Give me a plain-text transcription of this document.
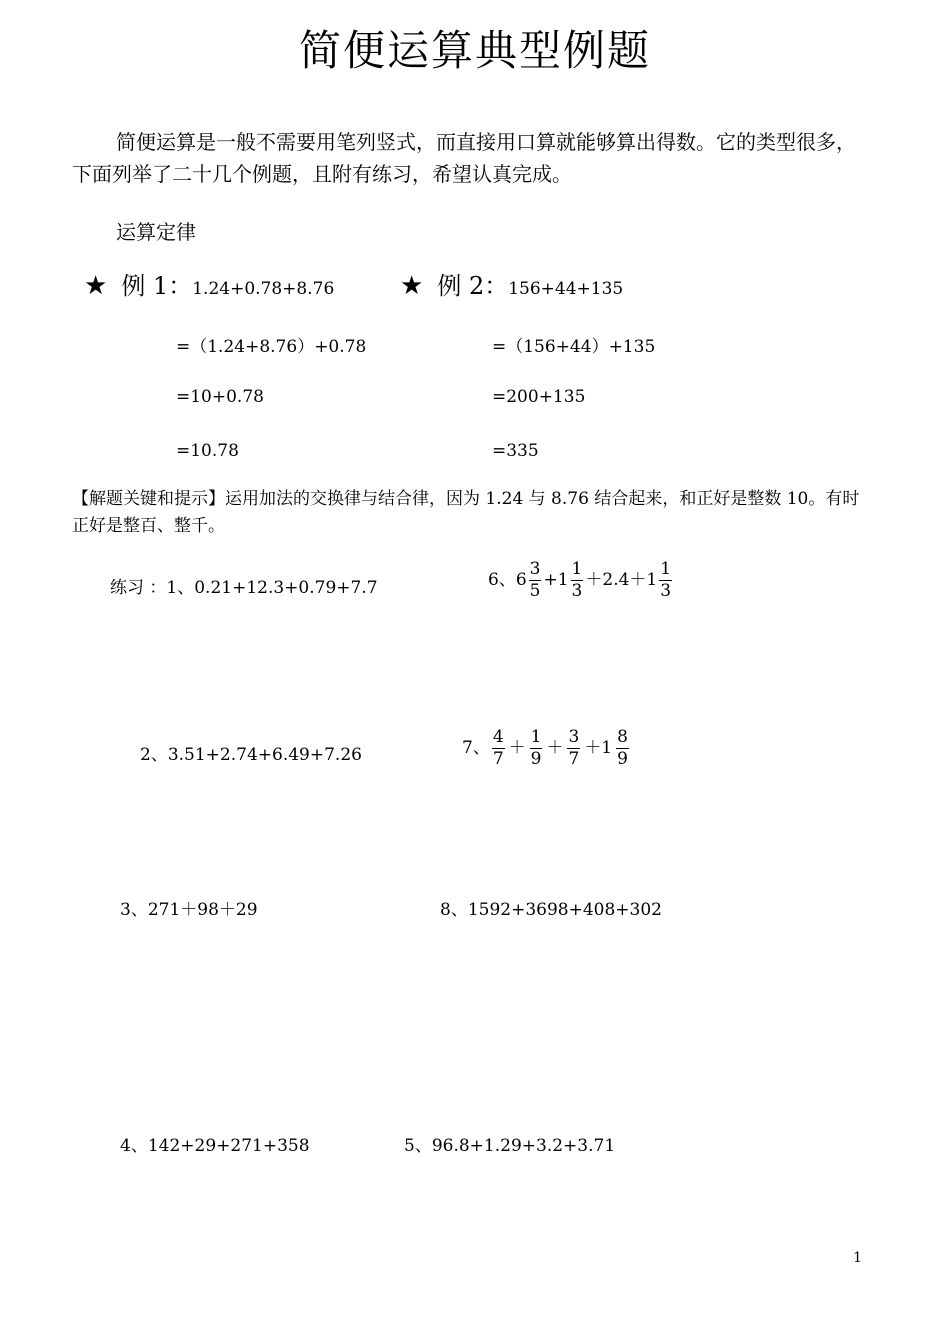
简便运算典型例题
简便运算是一般不需要用笔列竖式，而直接用口算就能够算出得数。它的类型很多，下面列举了二十几个例题，且附有练习，希望认真完成。
运算定律
★ 例 1：1.24+0.78+8.76
=（1.24+8.76）+0.78
=10+0.78
=10.78
★ 例 2：156+44+135
=（156+44）+135
=200+135
=335
【解题关键和提示】运用加法的交换律与结合律，因为 1.24 与 8.76 结合起来，和正好是整数 10。有时正好是整百、整千。
练习 ：1、0.21+12.3+0.79+7.7	6、$6 \frac{3}{5} +1 \frac{1}{3} +2.4+1 \frac{1}{3}$
2、3.51+2.74+6.49+7.26	7、 $\frac{4}{7} + \frac{1}{9} + \frac{3}{7} +1 \frac{8}{9}$
3、271＋98＋29	8、1592+3698+408+302
4、142+29+271+358	5、96.8+1.29+3.2+3.71
1
